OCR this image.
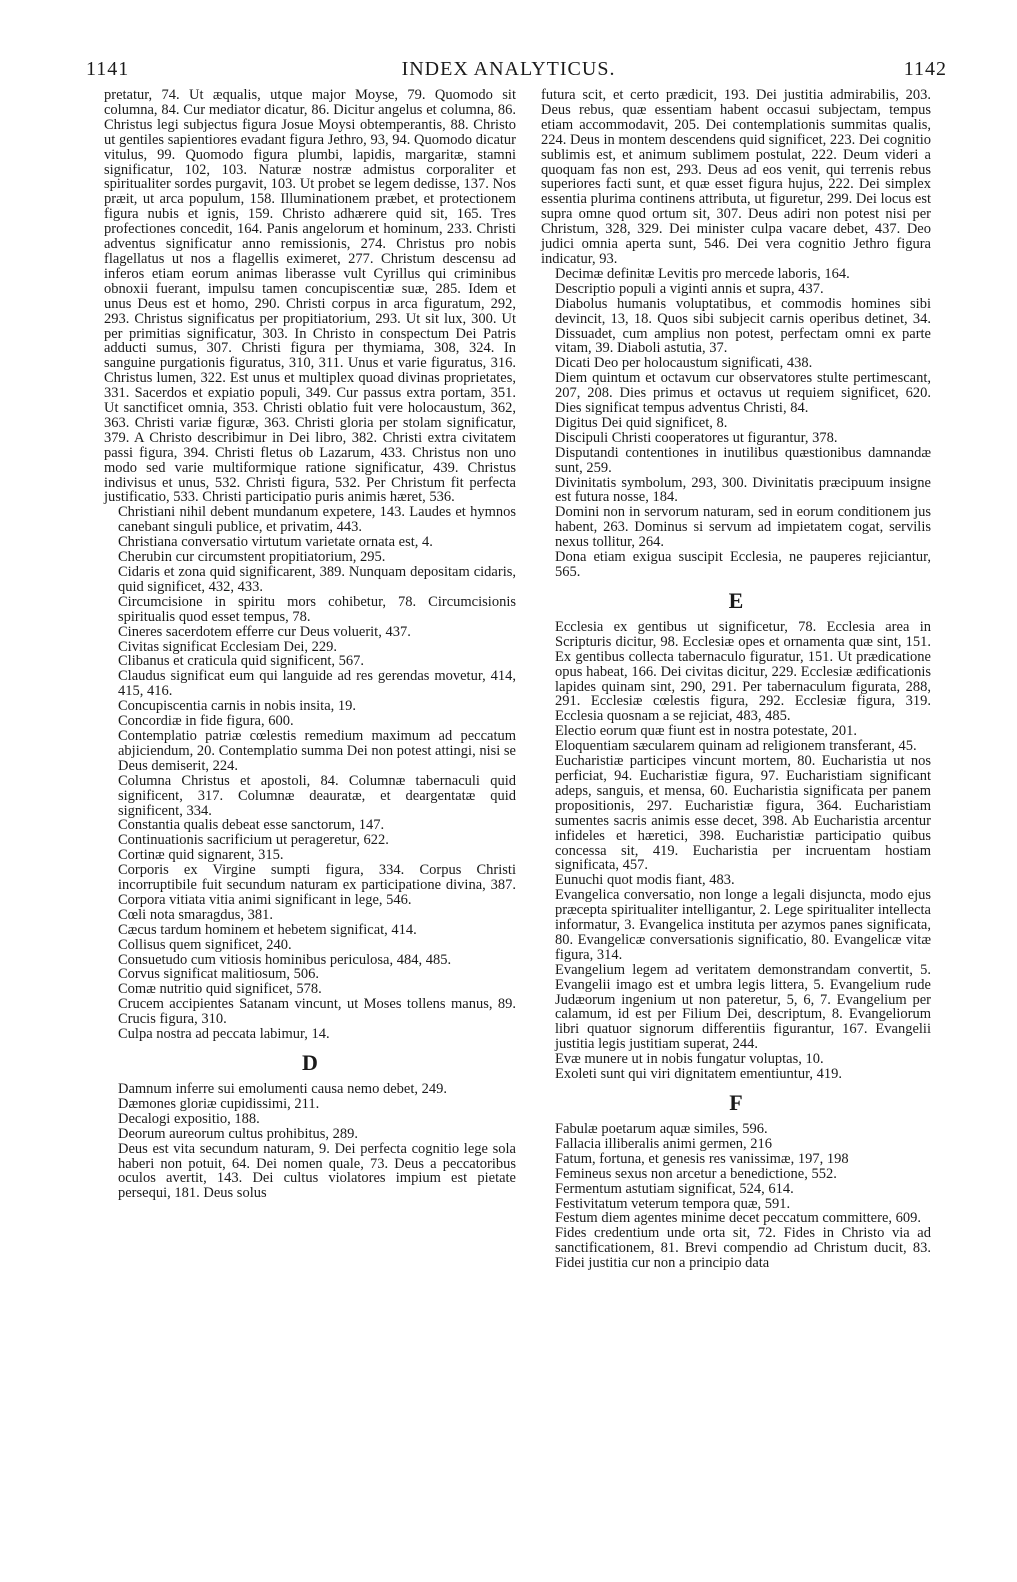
INDEX ANALYTICUS.
1141	1142

pretatur, 74. Ut æqualis, utque major Moyse, 79. Quomodo sit columna, 84. Cur mediator dicatur, 86. Dicitur angelus et columna, 86. Christus legi subjectus figura Josue Moysi obtemperantis, 88. Christo ut gentiles sapientiores evadant figura Jethro, 93, 94. Quomodo dicatur vitulus, 99. Quomodo figura plumbi, lapidis, margaritæ, stamni significatur, 102, 103. Naturæ nostræ admistus corporaliter et spiritualiter sordes purgavit, 103. Ut probet se legem dedisse, 137. Nos præit, ut arca populum, 158. Illuminationem præbet, et protectionem figura nubis et ignis, 159. Christo adhærere quid sit, 165. Tres profectiones concedit, 164. Panis angelorum et hominum, 233. Christi adventus significatur anno remissionis, 274. Christus pro nobis flagellatus ut nos a flagellis eximeret, 277. Christum descensu ad inferos etiam eorum animas liberasse vult Cyrillus qui criminibus obnoxii fuerant, impulsu tamen concupiscentiæ suæ, 285. Idem et unus Deus est et homo, 290. Christi corpus in arca figuratum, 292, 293. Christus significatus per propitiatorium, 293. Ut sit lux, 300. Ut per primitias significatur, 303. In Christo in conspectum Dei Patris adducti sumus, 307. Christi figura per thymiama, 308, 324. In sanguine purgationis figuratus, 310, 311. Unus et varie figuratus, 316. Christus lumen, 322. Est unus et multiplex quoad divinas proprietates, 331. Sacerdos et expiatio populi, 349. Cur passus extra portam, 351. Ut sanctificet omnia, 353. Christi oblatio fuit vere holocaustum, 362, 363. Christi variæ figuræ, 363. Christi gloria per stolam significatur, 379. A Christo describimur in Dei libro, 382. Christi extra civitatem passi figura, 394. Christi fletus ob Lazarum, 433. Christus non uno modo sed varie multiformique ratione significatur, 439. Christus indivisus et unus, 532. Christi figura, 532. Per Christum fit perfecta justificatio, 533. Christi participatio puris animis hæret, 536.

Christiani nihil debent mundanum expetere, 143. Laudes et hymnos canebant singuli publice, et privatim, 443.

Christiana conversatio virtutum varietate ornata est, 4.

Cherubin cur circumstent propitiatorium, 295.

Cidaris et zona quid significarent, 389. Nunquam depositam cidaris, quid significet, 432, 433.

Circumcisione in spiritu mors cohibetur, 78. Circumcisionis spiritualis quod esset tempus, 78.

Cineres sacerdotem efferre cur Deus voluerit, 437.

Civitas significat Ecclesiam Dei, 229.

Clibanus et craticula quid significent, 567.

Claudus significat eum qui languide ad res gerendas movetur, 414, 415, 416.

Concupiscentia carnis in nobis insita, 19.

Concordiæ in fide figura, 600.

Contemplatio patriæ cœlestis remedium maximum ad peccatum abjiciendum, 20. Contemplatio summa Dei non potest attingi, nisi se Deus demiserit, 224.

Columna Christus et apostoli, 84. Columnæ tabernaculi quid significent, 317. Columnæ deauratæ, et deargentatæ quid significent, 334.

Constantia qualis debeat esse sanctorum, 147.

Continuationis sacrificium ut perageretur, 622.

Cortinæ quid signarent, 315.

Corporis ex Virgine sumpti figura, 334. Corpus Christi incorruptibile fuit secundum naturam ex participatione divina, 387. Corpora vitiata vitia animi significant in lege, 546.

Cœli nota smaragdus, 381.

Cæcus tardum hominem et hebetem significat, 414.

Collisus quem significet, 240.

Consuetudo cum vitiosis hominibus periculosa, 484, 485.

Corvus significat malitiosum, 506.

Comæ nutritio quid significet, 578.

Crucem accipientes Satanam vincunt, ut Moses tollens manus, 89. Crucis figura, 310.

Culpa nostra ad peccata labimur, 14.

D

Damnum inferre sui emolumenti causa nemo debet, 249.

Dæmones gloriæ cupidissimi, 211.

Decalogi expositio, 188.

Deorum aureorum cultus prohibitus, 289.

Deus est vita secundum naturam, 9. Dei perfecta cognitio lege sola haberi non potuit, 64. Dei nomen quale, 73. Deus a peccatoribus oculos avertit, 143. Dei cultus violatores impium est pietate persequi, 181. Deus solus

futura scit, et certo prædicit, 193. Dei justitia admirabilis, 203. Deus rebus, quæ essentiam habent occasui subjectam, tempus etiam accommodavit, 205. Dei contemplationis summitas qualis, 224. Deus in montem descendens quid significet, 223. Dei cognitio sublimis est, et animum sublimem postulat, 222. Deum videri a quoquam fas non est, 293. Deus ad eos venit, qui terrenis rebus superiores facti sunt, et quæ esset figura hujus, 222. Dei simplex essentia plurima continens attributa, ut figuretur, 299. Dei locus est supra omne quod ortum sit, 307. Deus adiri non potest nisi per Christum, 328, 329. Dei minister culpa vacare debet, 437. Deo judici omnia aperta sunt, 546. Dei vera cognitio Jethro figura indicatur, 93.

Decimæ definitæ Levitis pro mercede laboris, 164.

Descriptio populi a viginti annis et supra, 437.

Diabolus humanis voluptatibus, et commodis homines sibi devincit, 13, 18. Quos sibi subjecit carnis operibus detinet, 34. Dissuadet, cum amplius non potest, perfectam omni ex parte vitam, 39. Diaboli astutia, 37.

Dicati Deo per holocaustum significati, 438.

Diem quintum et octavum cur observatores stulte pertimescant, 207, 208. Dies primus et octavus ut requiem significet, 620. Dies significat tempus adventus Christi, 84.

Digitus Dei quid significet, 8.

Discipuli Christi cooperatores ut figurantur, 378.

Disputandi contentiones in inutilibus quæstionibus damnandæ sunt, 259.

Divinitatis symbolum, 293, 300. Divinitatis præcipuum insigne est futura nosse, 184.

Domini non in servorum naturam, sed in eorum conditionem jus habent, 263. Dominus si servum ad impietatem cogat, servilis nexus tollitur, 264.

Dona etiam exigua suscipit Ecclesia, ne pauperes rejiciantur, 565.

E

Ecclesia ex gentibus ut significetur, 78. Ecclesia area in Scripturis dicitur, 98. Ecclesiæ opes et ornamenta quæ sint, 151. Ex gentibus collecta tabernaculo figuratur, 151. Ut prædicatione opus habeat, 166. Dei civitas dicitur, 229. Ecclesiæ ædificationis lapides quinam sint, 290, 291. Per tabernaculum figurata, 288, 291. Ecclesiæ cœlestis figura, 292. Ecclesiæ figura, 319. Ecclesia quosnam a se rejiciat, 483, 485.

Electio eorum quæ fiunt est in nostra potestate, 201.

Eloquentiam sæcularem quinam ad religionem transferant, 45.

Eucharistiæ participes vincunt mortem, 80. Eucharistia ut nos perficiat, 94. Eucharistiæ figura, 97. Eucharistiam significant adeps, sanguis, et mensa, 60. Eucharistia significata per panem propositionis, 297. Eucharistiæ figura, 364. Eucharistiam sumentes sacris animis esse decet, 398. Ab Eucharistia arcentur infideles et hæretici, 398. Eucharistiæ participatio quibus concessa sit, 419. Eucharistia per incruentam hostiam significata, 457.

Eunuchi quot modis fiant, 483.

Evangelica conversatio, non longe a legali disjuncta, modo ejus præcepta spiritualiter intelligantur, 2. Lege spiritualiter intellecta informatur, 3. Evangelica instituta per azymos panes significata, 80. Evangelicæ conversationis significatio, 80. Evangelicæ vitæ figura, 314.

Evangelium legem ad veritatem demonstrandam convertit, 5. Evangelii imago est et umbra legis littera, 5. Evangelium rude Judæorum ingenium ut non pateretur, 5, 6, 7. Evangelium per calamum, id est per Filium Dei, descriptum, 8. Evangeliorum libri quatuor signorum differentiis figurantur, 167. Evangelii justitia legis justitiam superat, 244.

Evæ munere ut in nobis fungatur voluptas, 10.

Exoleti sunt qui viri dignitatem ementiuntur, 419.

F

Fabulæ poetarum aquæ similes, 596.

Fallacia illiberalis animi germen, 216

Fatum, fortuna, et genesis res vanissimæ, 197, 198

Femineus sexus non arcetur a benedictione, 552.

Fermentum astutiam significat, 524, 614.

Festivitatum veterum tempora quæ, 591.

Festum diem agentes minime decet peccatum committere, 609.

Fides credentium unde orta sit, 72. Fides in Christo via ad sanctificationem, 81. Brevi compendio ad Christum ducit, 83. Fidei justitia cur non a principio data
